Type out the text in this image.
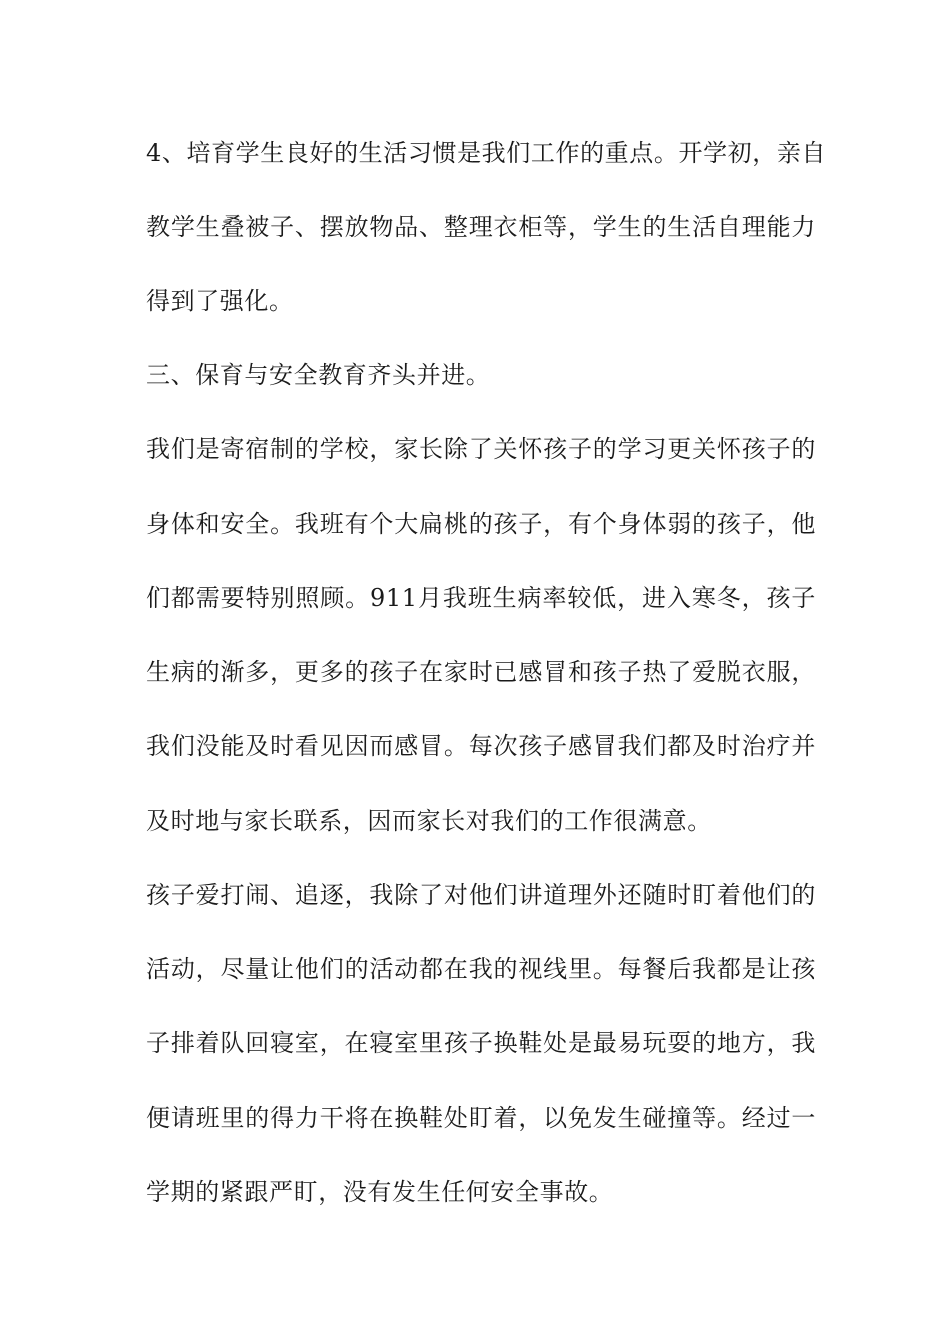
4、培育学生良好的生活习惯是我们工作的重点。开学初，亲自
教学生叠被子、摆放物品、整理衣柜等，学生的生活自理能力
得到了强化。
三、保育与安全教育齐头并进。
我们是寄宿制的学校，家长除了关怀孩子的学习更关怀孩子的
身体和安全。我班有个大扁桃的孩子，有个身体弱的孩子，他
们都需要特别照顾。911月我班生病率较低，进入寒冬，孩子
生病的渐多，更多的孩子在家时已感冒和孩子热了爱脱衣服，
我们没能及时看见因而感冒。每次孩子感冒我们都及时治疗并
及时地与家长联系，因而家长对我们的工作很满意。
孩子爱打闹、追逐，我除了对他们讲道理外还随时盯着他们的
活动，尽量让他们的活动都在我的视线里。每餐后我都是让孩
子排着队回寝室，在寝室里孩子换鞋处是最易玩耍的地方，我
便请班里的得力干将在换鞋处盯着，以免发生碰撞等。经过一
学期的紧跟严盯，没有发生任何安全事故。
